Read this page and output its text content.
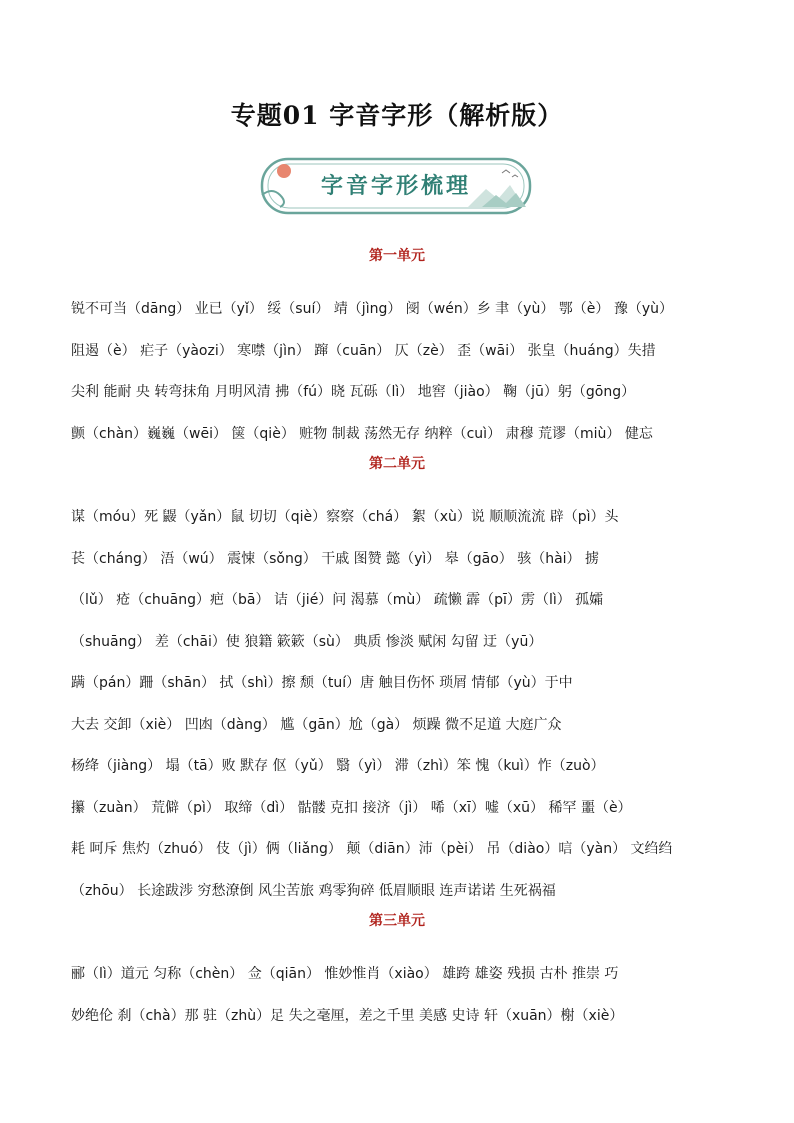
专题01 字音字形（解析版）
字音字形梳理
第一单元
锐不可当（dāng） 业已（yǐ） 绥（suí） 靖（jìng） 阌（wén）乡 聿（yù） 鄂（è） 豫（yù）
阻遏（è） 疟子（yàozi） 寒噤（jìn） 蹿（cuān） 仄（zè） 歪（wāi） 张皇（huáng）失措
尖利 能耐 央 转弯抹角 月明风清 拂（fú）晓 瓦砾（lì） 地窖（jiào） 鞠（jū）躬（gōng）
颤（chàn）巍巍（wēi） 箧（qiè） 赃物 制裁 荡然无存 纳粹（cuì） 肃穆 荒谬（miù） 健忘
第二单元
谋（móu）死 鼹（yǎn）鼠 切切（qiè）察察（chá） 絮（xù）说 顺顺流流 辟（pì）头
苌（cháng） 浯（wú） 震悚（sǒng） 干戚 图赞 懿（yì） 皋（gāo） 骇（hài） 掳
（lǔ） 疮（chuāng）疤（bā） 诘（jié）问 渴慕（mù） 疏懒 霹（pī）雳（lì） 孤孀
（shuāng） 差（chāi）使 狼籍 簌簌（sù） 典质 惨淡 赋闲 勾留 迂（yū）
蹒（pán）跚（shān） 拭（shì）擦 颓（tuí）唐 触目伤怀 琐屑 情郁（yù）于中
大去 交卸（xiè） 凹凼（dàng） 尴（gān）尬（gà） 烦躁 微不足道 大庭广众
杨绛（jiàng） 塌（tā）败 默存 伛（yǔ） 翳（yì） 滞（zhì）笨 愧（kuì）怍（zuò）
攥（zuàn） 荒僻（pì） 取缔（dì） 骷髅 克扣 接济（jì） 唏（xī）嘘（xū） 稀罕 噩（è）
耗 呵斥 焦灼（zhuó） 伎（jì）俩（liǎng） 颠（diān）沛（pèi） 吊（diào）唁（yàn） 文绉绉
（zhōu） 长途跋涉 穷愁潦倒 风尘苦旅 鸡零狗碎 低眉顺眼 连声诺诺 生死祸福
第三单元
郦（lì）道元 匀称（chèn） 佥（qiān） 惟妙惟肖（xiào） 雄跨 雄姿 残损 古朴 推崇 巧
妙绝伦 刹（chà）那 驻（zhù）足 失之毫厘，差之千里 美感 史诗 轩（xuān）榭（xiè）
